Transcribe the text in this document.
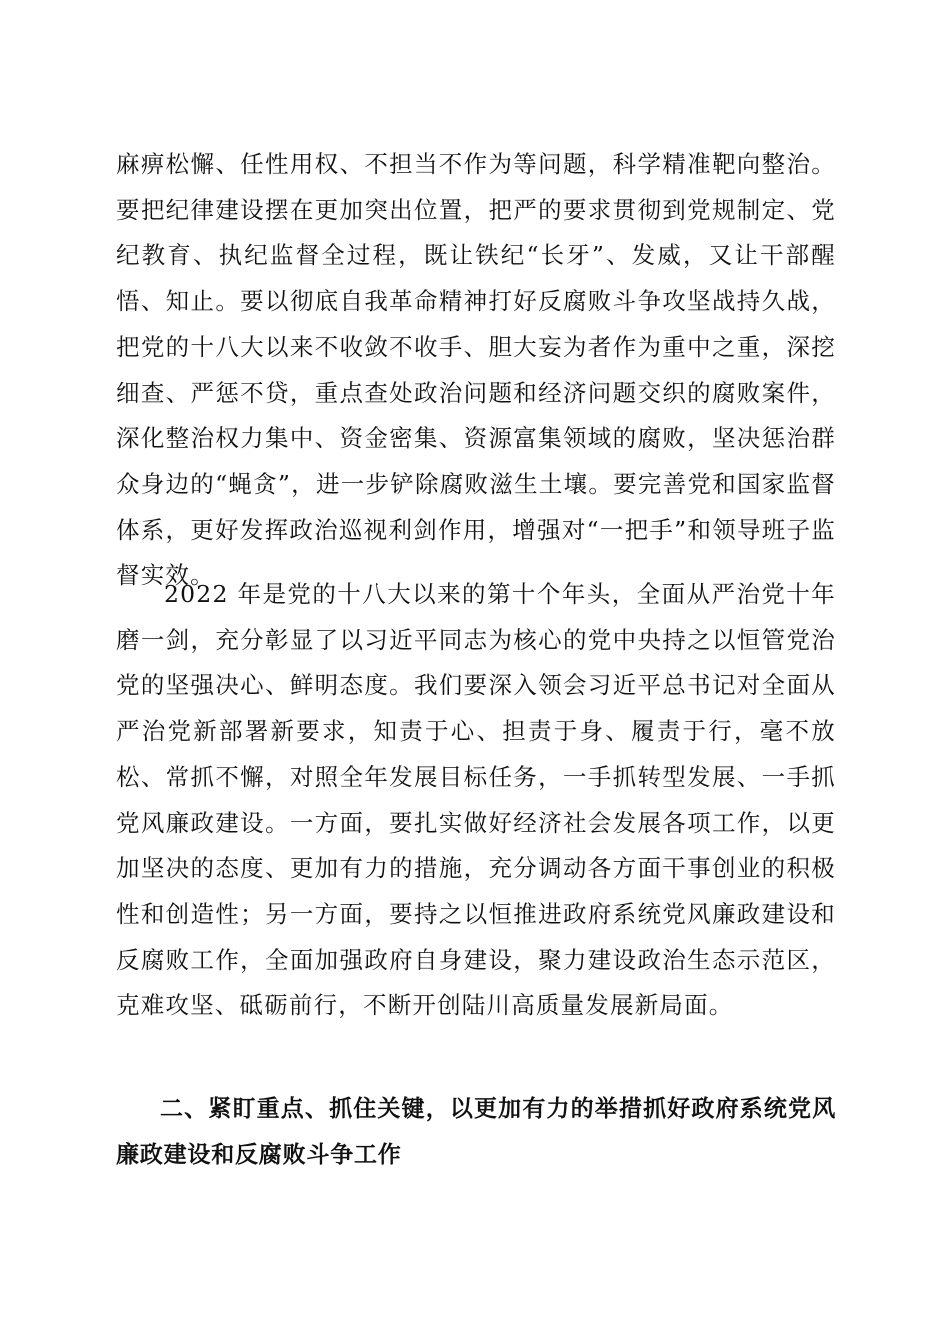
麻痹松懈、任性用权、不担当不作为等问题，科学精准靶向整治。要把纪律建设摆在更加突出位置，把严的要求贯彻到党规制定、党纪教育、执纪监督全过程，既让铁纪“长牙”、发威，又让干部醒悟、知止。要以彻底自我革命精神打好反腐败斗争攻坚战持久战，把党的十八大以来不收敛不收手、胆大妄为者作为重中之重，深挖细查、严惩不贷，重点查处政治问题和经济问题交织的腐败案件，深化整治权力集中、资金密集、资源富集领域的腐败，坚决惩治群众身边的“蝇贪”，进一步铲除腐败滋生土壤。要完善党和国家监督体系，更好发挥政治巡视利剑作用，增强对“一把手”和领导班子监督实效。

2022 年是党的十八大以来的第十个年头，全面从严治党十年磨一剑，充分彰显了以习近平同志为核心的党中央持之以恒管党治党的坚强决心、鲜明态度。我们要深入领会习近平总书记对全面从严治党新部署新要求，知责于心、担责于身、履责于行，毫不放松、常抓不懈，对照全年发展目标任务，一手抓转型发展、一手抓党风廉政建设。一方面，要扎实做好经济社会发展各项工作，以更加坚决的态度、更加有力的措施，充分调动各方面干事创业的积极性和创造性；另一方面，要持之以恒推进政府系统党风廉政建设和反腐败工作，全面加强政府自身建设，聚力建设政治生态示范区，克难攻坚、砥砺前行，不断开创陆川高质量发展新局面。

二、紧盯重点、抓住关键，以更加有力的举措抓好政府系统党风廉政建设和反腐败斗争工作
